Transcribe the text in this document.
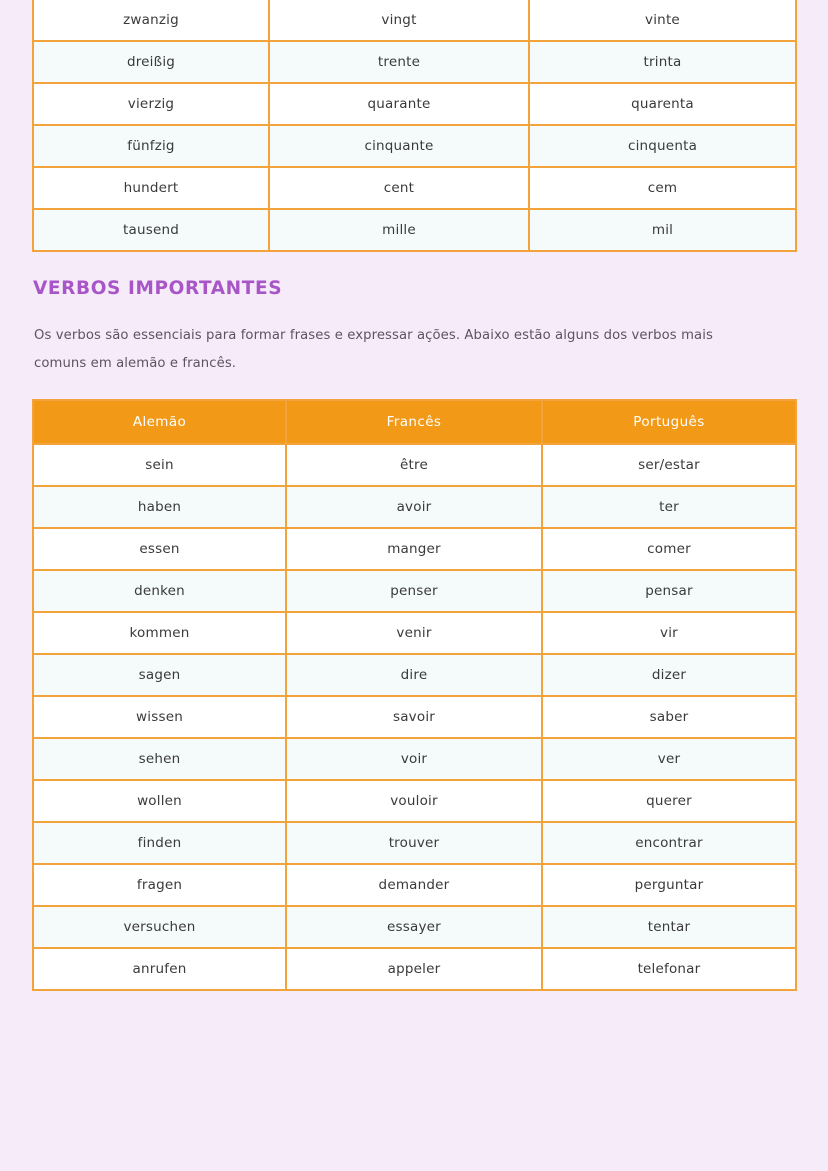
zwanzig	vingt	vinte
dreißig	trente	trinta
vierzig	quarante	quarenta
fünfzig	cinquante	cinquenta
hundert	cent	cem
tausend	mille	mil
VERBOS IMPORTANTES

Os verbos são essenciais para formar frases e expressar ações. Abaixo estão alguns dos verbos mais comuns em alemão e francês.

Alemão	Francês	Português
sein	être	ser/estar
haben	avoir	ter
essen	manger	comer
denken	penser	pensar
kommen	venir	vir
sagen	dire	dizer
wissen	savoir	saber
sehen	voir	ver
wollen	vouloir	querer
finden	trouver	encontrar
fragen	demander	perguntar
versuchen	essayer	tentar
anrufen	appeler	telefonar
